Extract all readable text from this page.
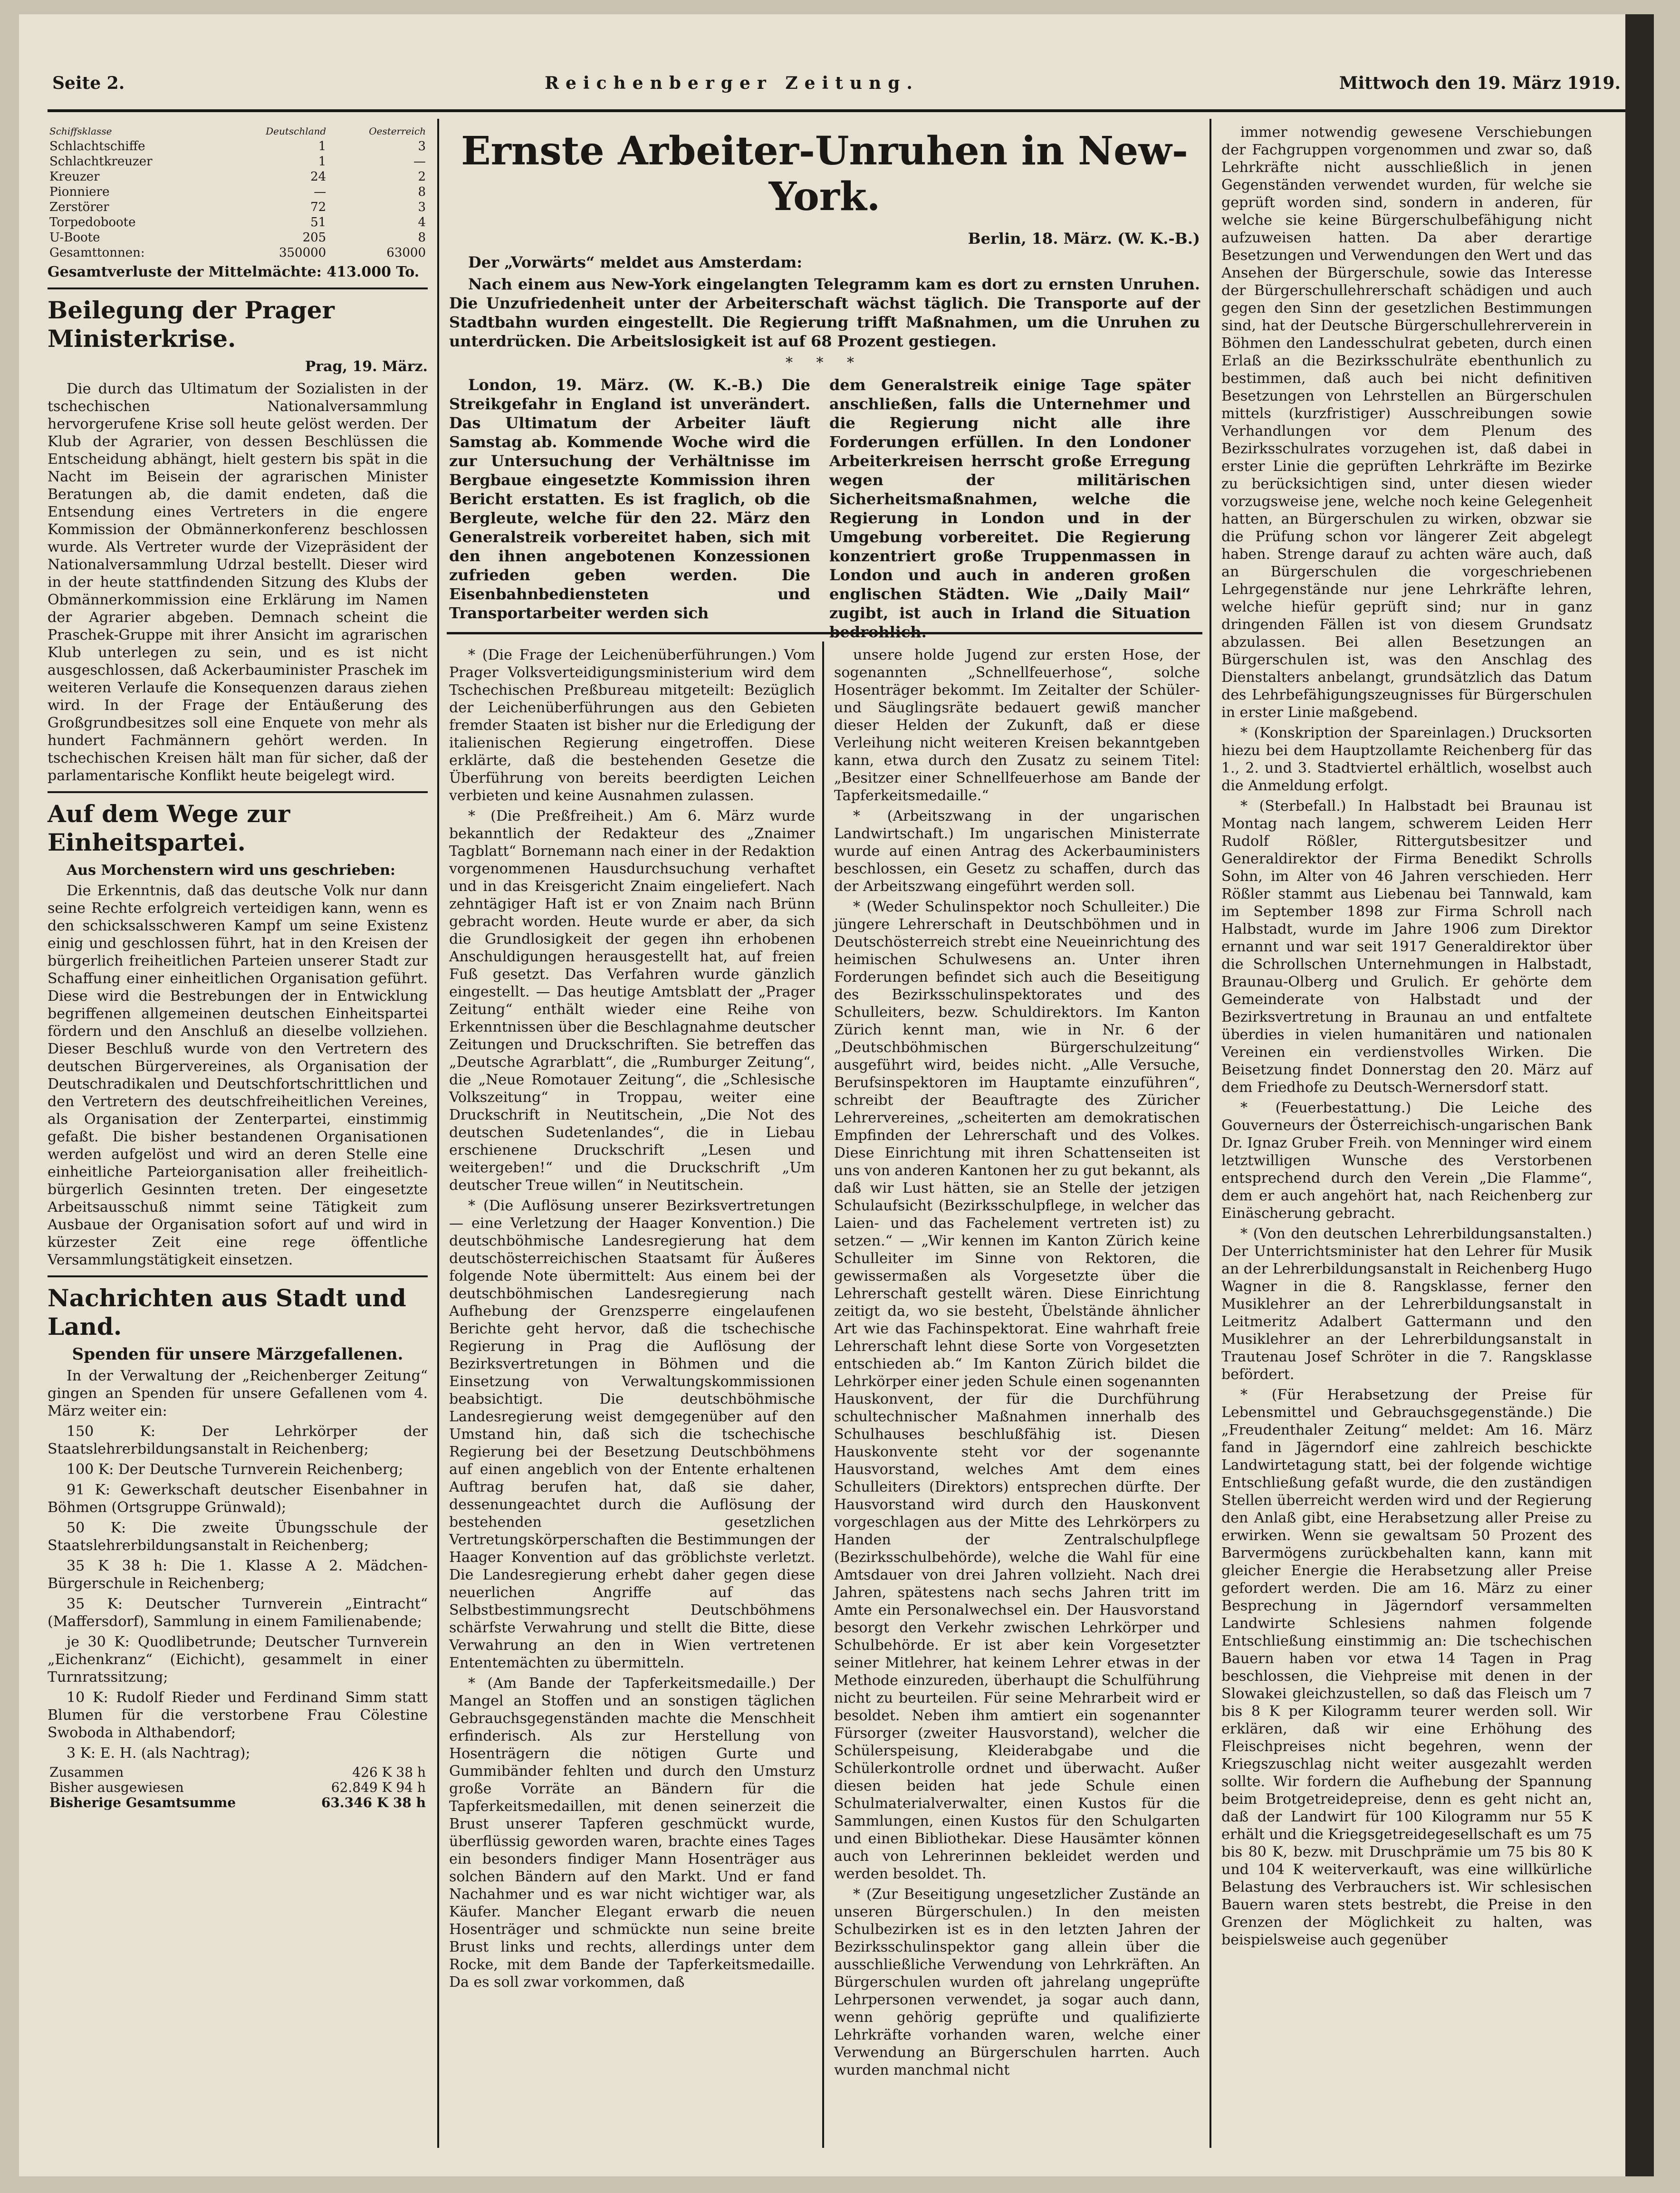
Seite 2.	Reichenberger Zeitung.	Mittwoch den 19. März 1919.
Schiffsklasse	Deutschland	Oesterreich
Schlachtschiffe	1	3
Schlachtkreuzer	1	—
Kreuzer	24	2
Pionniere	—	8
Zerstörer	72	3
Torpedoboote	51	4
U-Boote	205	8
Gesamttonnen:	350000	63000

Gesamtverluste der Mittelmächte: 413.000 To.

Beilegung der Prager Ministerkrise.
Prag, 19. März.

Die durch das Ultimatum der Sozialisten in der tschechischen Nationalversammlung hervorgerufene Krise soll heute gelöst werden. Der Klub der Agrarier, von dessen Beschlüssen die Entscheidung abhängt, hielt gestern bis spät in die Nacht im Beisein der agrarischen Minister Beratungen ab, die damit endeten, daß die Entsendung eines Vertreters in die engere Kommission der Obmännerkonferenz beschlossen wurde. Als Vertreter wurde der Vizepräsident der Nationalversammlung Udrzal bestellt. Dieser wird in der heute stattfindenden Sitzung des Klubs der Obmännerkommission eine Erklärung im Namen der Agrarier abgeben. Demnach scheint die Praschek-Gruppe mit ihrer Ansicht im agrarischen Klub unterlegen zu sein, und es ist nicht ausgeschlossen, daß Ackerbauminister Praschek im weiteren Verlaufe die Konsequenzen daraus ziehen wird. In der Frage der Entäußerung des Großgrundbesitzes soll eine Enquete von mehr als hundert Fachmännern gehört werden. In tschechischen Kreisen hält man für sicher, daß der parlamentarische Konflikt heute beigelegt wird.

Auf dem Wege zur Einheitspartei.

Aus Morchenstern wird uns geschrieben:

Die Erkenntnis, daß das deutsche Volk nur dann seine Rechte erfolgreich verteidigen kann, wenn es den schicksalsschweren Kampf um seine Existenz einig und geschlossen führt, hat in den Kreisen der bürgerlich freiheitlichen Parteien unserer Stadt zur Schaffung einer einheitlichen Organisation geführt. Diese wird die Bestrebungen der in Entwicklung begriffenen allgemeinen deutschen Einheitspartei fördern und den Anschluß an dieselbe vollziehen. Dieser Beschluß wurde von den Vertretern des deutschen Bürgervereines, als Organisation der Deutschradikalen und Deutschfortschrittlichen und den Vertretern des deutschfreiheitlichen Vereines, als Organisation der Zenterpartei, einstimmig gefaßt. Die bisher bestandenen Organisationen werden aufgelöst und wird an deren Stelle eine einheitliche Parteiorganisation aller freiheitlich-bürgerlich Gesinnten treten. Der eingesetzte Arbeitsausschuß nimmt seine Tätigkeit zum Ausbaue der Organisation sofort auf und wird in kürzester Zeit eine rege öffentliche Versammlungstätigkeit einsetzen.

Nachrichten aus Stadt und Land.
Spenden für unsere Märzgefallenen.

In der Verwaltung der „Reichenberger Zeitung“ gingen an Spenden für unsere Gefallenen vom 4. März weiter ein:

150 K: Der Lehrkörper der Staatslehrerbildungsanstalt in Reichenberg;

100 K: Der Deutsche Turnverein Reichenberg;

91 K: Gewerkschaft deutscher Eisenbahner in Böhmen (Ortsgruppe Grünwald);

50 K: Die zweite Übungsschule der Staatslehrerbildungsanstalt in Reichenberg;

35 K 38 h: Die 1. Klasse A 2. Mädchen-Bürgerschule in Reichenberg;

35 K: Deutscher Turnverein „Eintracht“ (Maffersdorf), Sammlung in einem Familienabende;

je 30 K: Quodlibetrunde; Deutscher Turnverein „Eichenkranz“ (Eichicht), gesammelt in einer Turnratssitzung;

10 K: Rudolf Rieder und Ferdinand Simm statt Blumen für die verstorbene Frau Cölestine Swoboda in Althabendorf;

3 K: E. H. (als Nachtrag);

Zusammen	426 K 38 h
Bisher ausgewiesen	62.849 K 94 h
Bisherige Gesamtsumme	63.346 K 38 h
Ernste Arbeiter-Unruhen in New-York.
Berlin, 18. März. (W. K.-B.)

Der „Vorwärts“ meldet aus Amsterdam:

Nach einem aus New-York eingelangten Telegramm kam es dort zu ernsten Unruhen. Die Unzufriedenheit unter der Arbeiterschaft wächst täglich. Die Transporte auf der Stadtbahn wurden eingestellt. Die Regierung trifft Maßnahmen, um die Unruhen zu unterdrücken. Die Arbeitslosigkeit ist auf 68 Prozent gestiegen.

* * *

London, 19. März. (W. K.-B.) Die Streikgefahr in England ist unverändert. Das Ultimatum der Arbeiter läuft Samstag ab. Kommende Woche wird die zur Untersuchung der Verhältnisse im Bergbaue eingesetzte Kommission ihren Bericht erstatten. Es ist fraglich, ob die Bergleute, welche für den 22. März den Generalstreik vorbereitet haben, sich mit den ihnen angebotenen Konzessionen zufrieden geben werden. Die Eisenbahnbediensteten und Transportarbeiter werden sich

dem Generalstreik einige Tage später anschließen, falls die Unternehmer und die Regierung nicht alle ihre Forderungen erfüllen. In den Londoner Arbeiterkreisen herrscht große Erregung wegen der militärischen Sicherheitsmaßnahmen, welche die Regierung in London und in der Umgebung vorbereitet. Die Regierung konzentriert große Truppenmassen in London und auch in anderen großen englischen Städten. Wie „Daily Mail“ zugibt, ist auch in Irland die Situation

* (Die Frage der Leichenüberführungen.) Vom Prager Volksverteidigungsministerium wird dem Tschechischen Preßbureau mitgeteilt: Bezüglich der Leichenüberführungen aus den Gebieten fremder Staaten ist bisher nur die Erledigung der italienischen Regierung eingetroffen. Diese erklärte, daß die bestehenden Gesetze die Überführung von bereits beerdigten Leichen verbieten und keine Ausnahmen zulassen.

* (Die Preßfreiheit.) Am 6. März wurde bekanntlich der Redakteur des „Znaimer Tagblatt“ Bornemann nach einer in der Redaktion vorgenommenen Hausdurchsuchung verhaftet und in das Kreisgericht Znaim eingeliefert. Nach zehntägiger Haft ist er von Znaim nach Brünn gebracht worden. Heute wurde er aber, da sich die Grundlosigkeit der gegen ihn erhobenen Anschuldigungen herausgestellt hat, auf freien Fuß gesetzt. Das Verfahren wurde gänzlich eingestellt. — Das heutige Amtsblatt der „Prager Zeitung“ enthält wieder eine Reihe von Erkenntnissen über die Beschlagnahme deutscher Zeitungen und Druckschriften. Sie betreffen das „Deutsche Agrarblatt“, die „Rumburger Zeitung“, die „Neue Romotauer Zeitung“, die „Schlesische Volkszeitung“ in Troppau, weiter eine Druckschrift in Neutitschein, „Die Not des deutschen Sudetenlandes“, die in Liebau erschienene Druckschrift „Lesen und weitergeben!“ und die Druckschrift „Um deutscher Treue willen“ in Neutitschein.

* (Die Auflösung unserer Bezirksvertretungen — eine Verletzung der Haager Konvention.) Die deutschböhmische Landesregierung hat dem deutschösterreichischen Staatsamt für Äußeres folgende Note übermittelt: Aus einem bei der deutschböhmischen Landesregierung nach Aufhebung der Grenzsperre eingelaufenen Berichte geht hervor, daß die tschechische Regierung in Prag die Auflösung der Bezirksvertretungen in Böhmen und die Einsetzung von Verwaltungskommissionen beabsichtigt. Die deutschböhmische Landesregierung weist demgegenüber auf den Umstand hin, daß sich die tschechische Regierung bei der Besetzung Deutschböhmens auf einen angeblich von der Entente erhaltenen Auftrag berufen hat, daß sie daher, dessenungeachtet durch die Auflösung der bestehenden gesetzlichen Vertretungskörperschaften die Bestimmungen der Haager Konvention auf das gröblichste verletzt. Die Landesregierung erhebt daher gegen diese neuerlichen Angriffe auf das Selbstbestimmungsrecht Deutschböhmens schärfste Verwahrung und stellt die Bitte, diese Verwahrung an den in Wien vertretenen Ententemächten zu übermitteln.

* (Am Bande der Tapferkeitsmedaille.) Der Mangel an Stoffen und an sonstigen täglichen Gebrauchsgegenständen machte die Menschheit erfinderisch. Als zur Herstellung von Hosenträgern die nötigen Gurte und Gummibänder fehlten und durch den Umsturz große Vorräte an Bändern für die Tapferkeitsmedaillen, mit denen seinerzeit die Brust unserer Tapferen geschmückt wurde, überflüssig geworden waren, brachte eines Tages ein besonders findiger Mann Hosenträger aus solchen Bändern auf den Markt. Und er fand Nachahmer und es war nicht wichtiger war, als Käufer. Mancher Elegant erwarb die neuen Hosenträger und schmückte nun seine breite Brust links und rechts, allerdings unter dem Rocke, mit dem Bande der Tapferkeitsmedaille. Da es soll zwar vorkommen, daß

unsere holde Jugend zur ersten Hose, der sogenannten „Schnellfeuerhose“, solche Hosenträger bekommt. Im Zeitalter der Schüler- und Säuglingsräte bedauert gewiß mancher dieser Helden der Zukunft, daß er diese Verleihung nicht weiteren Kreisen bekanntgeben kann, etwa durch den Zusatz zu seinem Titel: „Besitzer einer Schnellfeuerhose am Bande der Tapferkeitsmedaille.“

* (Arbeitszwang in der ungarischen Landwirtschaft.) Im ungarischen Ministerrate wurde auf einen Antrag des Ackerbauministers beschlossen, ein Gesetz zu schaffen, durch das der Arbeitszwang eingeführt werden soll.

* (Weder Schulinspektor noch Schulleiter.) Die jüngere Lehrerschaft in Deutschböhmen und in Deutschösterreich strebt eine Neueinrichtung des heimischen Schulwesens an. Unter ihren Forderungen befindet sich auch die Beseitigung des Bezirksschulinspektorates und des Schulleiters, bezw. Schuldirektors. Im Kanton Zürich kennt man, wie in Nr. 6 der „Deutschböhmischen Bürgerschulzeitung“ ausgeführt wird, beides nicht. „Alle Versuche, Berufsinspektoren im Hauptamte einzuführen“, schreibt der Beauftragte des Züricher Lehrervereines, „scheiterten am demokratischen Empfinden der Lehrerschaft und des Volkes. Diese Einrichtung mit ihren Schattenseiten ist uns von anderen Kantonen her zu gut bekannt, als daß wir Lust hätten, sie an Stelle der jetzigen Schulaufsicht (Bezirksschulpflege, in welcher das Laien- und das Fachelement vertreten ist) zu setzen.“ — „Wir kennen im Kanton Zürich keine Schulleiter im Sinne von Rektoren, die gewissermaßen als Vorgesetzte über die Lehrerschaft gestellt wären. Diese Einrichtung zeitigt da, wo sie besteht, Übelstände ähnlicher Art wie das Fachinspektorat. Eine wahrhaft freie Lehrerschaft lehnt diese Sorte von Vorgesetzten entschieden ab.“ Im Kanton Zürich bildet die Lehrkörper einer jeden Schule einen sogenannten Hauskonvent, der für die Durchführung schultechnischer Maßnahmen innerhalb des Schulhauses beschlußfähig ist. Diesen Hauskonvente steht vor der sogenannte Hausvorstand, welches Amt dem eines Schulleiters (Direktors) entsprechen dürfte. Der Hausvorstand wird durch den Hauskonvent vorgeschlagen aus der Mitte des Lehrkörpers zu Handen der Zentralschulpflege (Bezirksschulbehörde), welche die Wahl für eine Amtsdauer von drei Jahren vollzieht. Nach drei Jahren, spätestens nach sechs Jahren tritt im Amte ein Personalwechsel ein. Der Hausvorstand besorgt den Verkehr zwischen Lehrkörper und Schulbehörde. Er ist aber kein Vorgesetzter seiner Mitlehrer, hat keinem Lehrer etwas in der Methode einzureden, überhaupt die Schulführung nicht zu beurteilen. Für seine Mehrarbeit wird er besoldet. Neben ihm amtiert ein sogenannter Fürsorger (zweiter Hausvorstand), welcher die Schülerspeisung, Kleiderabgabe und die Schülerkontrolle ordnet und überwacht. Außer diesen beiden hat jede Schule einen Schulmaterialverwalter, einen Kustos für die Sammlungen, einen Kustos für den Schulgarten und einen Bibliothekar. Diese Hausämter können auch von Lehrerinnen bekleidet werden und werden besoldet. Th.

* (Zur Beseitigung ungesetzlicher Zustände an unseren Bürgerschulen.) In den meisten Schulbezirken ist es in den letzten Jahren der Bezirksschulinspektor gang allein über die ausschließliche Verwendung von Lehrkräften. An Bürgerschulen wurden oft jahrelang ungeprüfte Lehrpersonen verwendet, ja sogar auch dann, wenn gehörig geprüfte und qualifizierte Lehrkräfte vorhanden waren, welche einer Verwendung an Bürgerschulen harrten. Auch wurden manchmal nicht

immer notwendig gewesene Verschiebungen der Fachgruppen vorgenommen und zwar so, daß Lehrkräfte nicht ausschließlich in jenen Gegenständen verwendet wurden, für welche sie geprüft worden sind, sondern in anderen, für welche sie keine Bürgerschulbefähigung nicht aufzuweisen hatten. Da aber derartige Besetzungen und Verwendungen den Wert und das Ansehen der Bürgerschule, sowie das Interesse der Bürgerschullehrerschaft schädigen und auch gegen den Sinn der gesetzlichen Bestimmungen sind, hat der Deutsche Bürgerschullehrerverein in Böhmen den Landesschulrat gebeten, durch einen Erlaß an die Bezirksschulräte ebenthunlich zu bestimmen, daß auch bei nicht definitiven Besetzungen von Lehrstellen an Bürgerschulen mittels (kurzfristiger) Ausschreibungen sowie Verhandlungen vor dem Plenum des Bezirksschulrates vorzugehen ist, daß dabei in erster Linie die geprüften Lehrkräfte im Bezirke zu berücksichtigen sind, unter diesen wieder vorzugsweise jene, welche noch keine Gelegenheit hatten, an Bürgerschulen zu wirken, obzwar sie die Prüfung schon vor längerer Zeit abgelegt haben. Strenge darauf zu achten wäre auch, daß an Bürgerschulen die vorgeschriebenen Lehrgegenstände nur jene Lehrkräfte lehren, welche hiefür geprüft sind; nur in ganz dringenden Fällen ist von diesem Grundsatz abzulassen. Bei allen Besetzungen an Bürgerschulen ist, was den Anschlag des Dienstalters anbelangt, grundsätzlich das Datum des Lehrbefähigungszeugnisses für Bürgerschulen in erster Linie maßgebend.

* (Konskription der Spareinlagen.) Drucksorten hiezu bei dem Hauptzollamte Reichenberg für das 1., 2. und 3. Stadtviertel erhältlich, woselbst auch die Anmeldung erfolgt.

* (Sterbefall.) In Halbstadt bei Braunau ist Montag nach langem, schwerem Leiden Herr Rudolf Rößler, Rittergutsbesitzer und Generaldirektor der Firma Benedikt Schrolls Sohn, im Alter von 46 Jahren verschieden. Herr Rößler stammt aus Liebenau bei Tannwald, kam im September 1898 zur Firma Schroll nach Halbstadt, wurde im Jahre 1906 zum Direktor ernannt und war seit 1917 Generaldirektor über die Schrollschen Unternehmungen in Halbstadt, Braunau-Olberg und Grulich. Er gehörte dem Gemeinderate von Halbstadt und der Bezirksvertretung in Braunau an und entfaltete überdies in vielen humanitären und nationalen Vereinen ein verdienstvolles Wirken. Die Beisetzung findet Donnerstag den 20. März auf dem Friedhofe zu Deutsch-Wernersdorf statt.

* (Feuerbestattung.) Die Leiche des Gouverneurs der Österreichisch-ungarischen Bank Dr. Ignaz Gruber Freih. von Menninger wird einem letztwilligen Wunsche des Verstorbenen entsprechend durch den Verein „Die Flamme“, dem er auch angehört hat, nach Reichenberg zur Einäscherung gebracht.

* (Von den deutschen Lehrerbildungsanstalten.) Der Unterrichtsminister hat den Lehrer für Musik an der Lehrerbildungsanstalt in Reichenberg Hugo Wagner in die 8. Rangsklasse, ferner den Musiklehrer an der Lehrerbildungsanstalt in Leitmeritz Adalbert Gattermann und den Musiklehrer an der Lehrerbildungsanstalt in Trautenau Josef Schröter in die 7. Rangsklasse befördert.

* (Für Herabsetzung der Preise für Lebensmittel und Gebrauchsgegenstände.) Die „Freudenthaler Zeitung“ meldet: Am 16. März fand in Jägerndorf eine zahlreich beschickte Landwirtetagung statt, bei der folgende wichtige Entschließung gefaßt wurde, die den zuständigen Stellen überreicht werden wird und der Regierung den Anlaß gibt, eine Herabsetzung aller Preise zu erwirken. Wenn sie gewaltsam 50 Prozent des Barvermögens zurückbehalten kann, kann mit gleicher Energie die Herabsetzung aller Preise gefordert werden. Die am 16. März zu einer Besprechung in Jägerndorf versammelten Landwirte Schlesiens nahmen folgende Entschließung einstimmig an: Die tschechischen Bauern haben vor etwa 14 Tagen in Prag beschlossen, die Viehpreise mit denen in der Slowakei gleichzustellen, so daß das Fleisch um 7 bis 8 K per Kilogramm teurer werden soll. Wir erklären, daß wir eine Erhöhung des Fleischpreises nicht begehren, wenn der Kriegszuschlag nicht weiter ausgezahlt werden sollte. Wir fordern die Aufhebung der Spannung beim Brotgetreidepreise, denn es geht nicht an, daß der Landwirt für 100 Kilogramm nur 55 K erhält und die Kriegsgetreidegesellschaft es um 75 bis 80 K, bezw. mit Druschprämie um 75 bis 80 K und 104 K weiterverkauft, was eine willkürliche Belastung des Verbrauchers ist. Wir schlesischen Bauern waren stets bestrebt, die Preise in den Grenzen der Möglichkeit zu halten, was beispielsweise auch gegenüber
